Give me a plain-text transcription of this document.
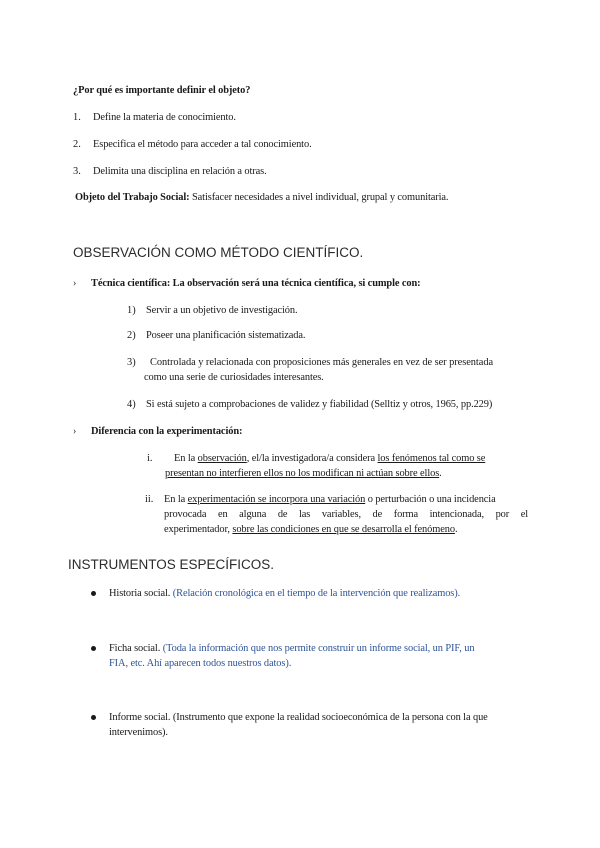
¿Por qué es importante definir el objeto?
1. Define la materia de conocimiento.
2. Especifica el método para acceder a tal conocimiento.
3. Delimita una disciplina en relación a otras.
Objeto del Trabajo Social: Satisfacer necesidades a nivel individual, grupal y comunitaria.
OBSERVACIÓN COMO MÉTODO CIENTÍFICO.
› Técnica científica: La observación será una técnica científica, si cumple con:
1) Servir a un objetivo de investigación.
2) Poseer una planificación sistematizada.
3) Controlada y relacionada con proposiciones más generales en vez de ser presentada
como una serie de curiosidades interesantes.
4) Si está sujeto a comprobaciones de validez y fiabilidad (Selltiz y otros, 1965, pp.229)
› Diferencia con la experimentación:
i. En la observación, el/la investigadora/a considera los fenómenos tal como se
presentan no interfieren ellos no los modifican ni actúan sobre ellos.
ii. En la experimentación se incorpora una variación o perturbación o una incidencia
provocada en alguna de las variables, de forma intencionada, por el
experimentador, sobre las condiciones en que se desarrolla el fenómeno.
INSTRUMENTOS ESPECÍFICOS.
Historia social. (Relación cronológica en el tiempo de la intervención que realizamos).
Ficha social. (Toda la información que nos permite construir un informe social, un PIF, un
FIA, etc. Ahí aparecen todos nuestros datos).
Informe social. (Instrumento que expone la realidad socioeconómica de la persona con la que
intervenimos).
